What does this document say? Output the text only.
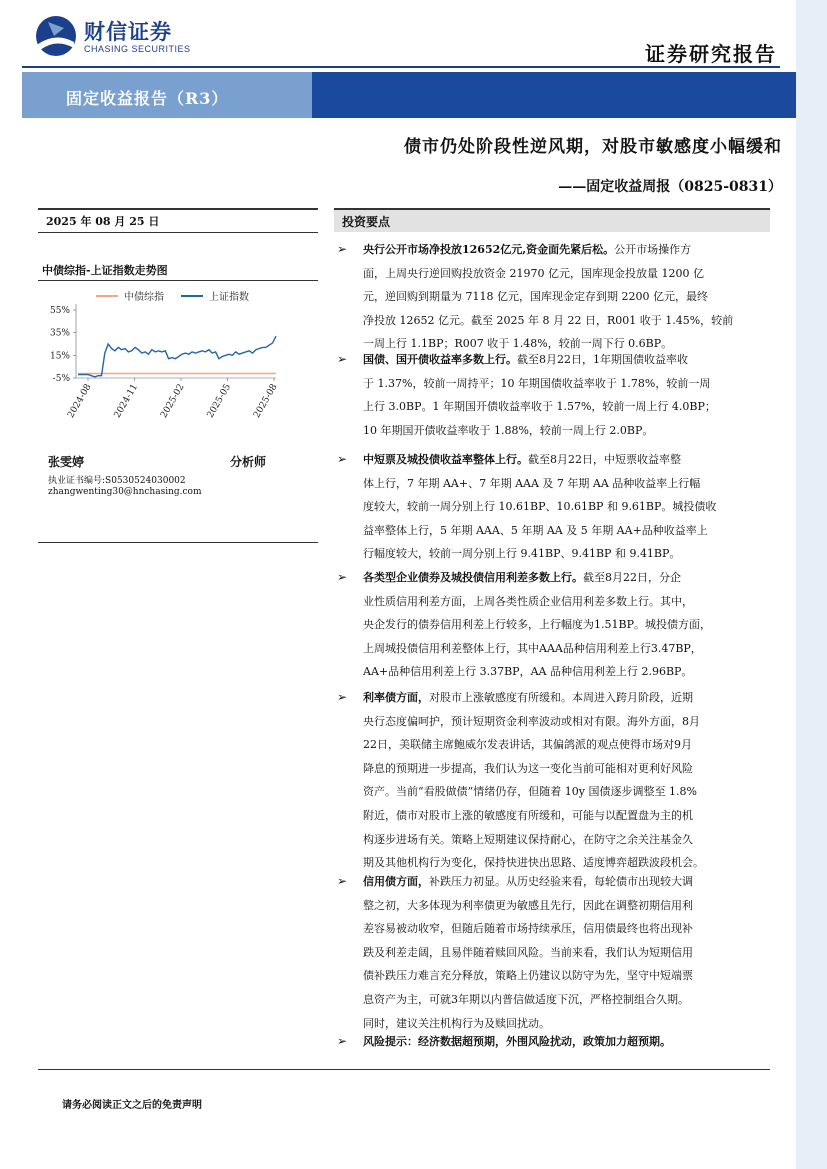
财信证券
CHASING SECURITIES	证券研究报告
固定收益报告（R3）
债市仍处阶段性逆风期，对股市敏感度小幅缓和
——固定收益周报（0825-0831）
2025 年 08 月 25 日
中债综指-上证指数走势图
55%
35%
15%
-5%
2024-08 2024-11 2025-02 2025-05 2025-08
中债综指	上证指数
张雯婷	分析师
执业证书编号:S0530524030002
zhangwenting30@hnchasing.com
投资要点
➢ 央行公开市场净投放12652亿元,资金面先紧后松。公开市场操作方
面，上周央行逆回购投放资金 21970 亿元，国库现金投放量 1200 亿
元，逆回购到期量为 7118 亿元，国库现金定存到期 2200 亿元，最终
净投放 12652 亿元。截至 2025 年 8 月 22 日，R001 收于 1.45%，较前
一周上行 1.1BP；R007 收于 1.48%，较前一周下行 0.6BP。
➢ 国债、国开债收益率多数上行。截至8月22日，1年期国债收益率收
于 1.37%，较前一周持平；10 年期国债收益率收于 1.78%，较前一周
上行 3.0BP。1 年期国开债收益率收于 1.57%，较前一周上行 4.0BP；
10 年期国开债收益率收于 1.88%，较前一周上行 2.0BP。
➢ 中短票及城投债收益率整体上行。截至8月22日，中短票收益率整
体上行，7 年期 AA+、7 年期 AAA 及 7 年期 AA 品种收益率上行幅
度较大，较前一周分别上行 10.61BP、10.61BP 和 9.61BP。城投债收
益率整体上行，5 年期 AAA、5 年期 AA 及 5 年期 AA+品种收益率上
行幅度较大，较前一周分别上行 9.41BP、9.41BP 和 9.41BP。
➢ 各类型企业债券及城投债信用利差多数上行。截至8月22日，分企
业性质信用利差方面，上周各类性质企业信用利差多数上行。其中，
央企发行的债券信用利差上行较多，上行幅度为1.51BP。城投债方面，
上周城投债信用利差整体上行，其中AAA品种信用利差上行3.47BP，
AA+品种信用利差上行 3.37BP，AA 品种信用利差上行 2.96BP。
➢ 利率债方面，对股市上涨敏感度有所缓和。本周进入跨月阶段，近期
央行态度偏呵护，预计短期资金利率波动或相对有限。海外方面，8月
22日，美联储主席鲍威尔发表讲话，其偏鸽派的观点使得市场对9月
降息的预期进一步提高，我们认为这一变化当前可能相对更利好风险
资产。当前“看股做债”情绪仍存，但随着 10y 国债逐步调整至 1.8%
附近，债市对股市上涨的敏感度有所缓和，可能与以配置盘为主的机
构逐步进场有关。策略上短期建议保持耐心，在防守之余关注基金久
期及其他机构行为变化，保持快进快出思路、适度博弈超跌波段机会。
➢ 信用债方面，补跌压力初显。从历史经验来看，每轮债市出现较大调
整之初，大多体现为利率债更为敏感且先行，因此在调整初期信用利
差容易被动收窄，但随后随着市场持续承压，信用债最终也将出现补
跌及利差走阔，且易伴随着赎回风险。当前来看，我们认为短期信用
债补跌压力难言充分释放，策略上仍建议以防守为先，坚守中短端票
息资产为主，可就3年期以内普信做适度下沉，严格控制组合久期。
同时，建议关注机构行为及赎回扰动。
➢ 风险提示：经济数据超预期，外围风险扰动，政策加力超预期。
请务必阅读正文之后的免责声明
